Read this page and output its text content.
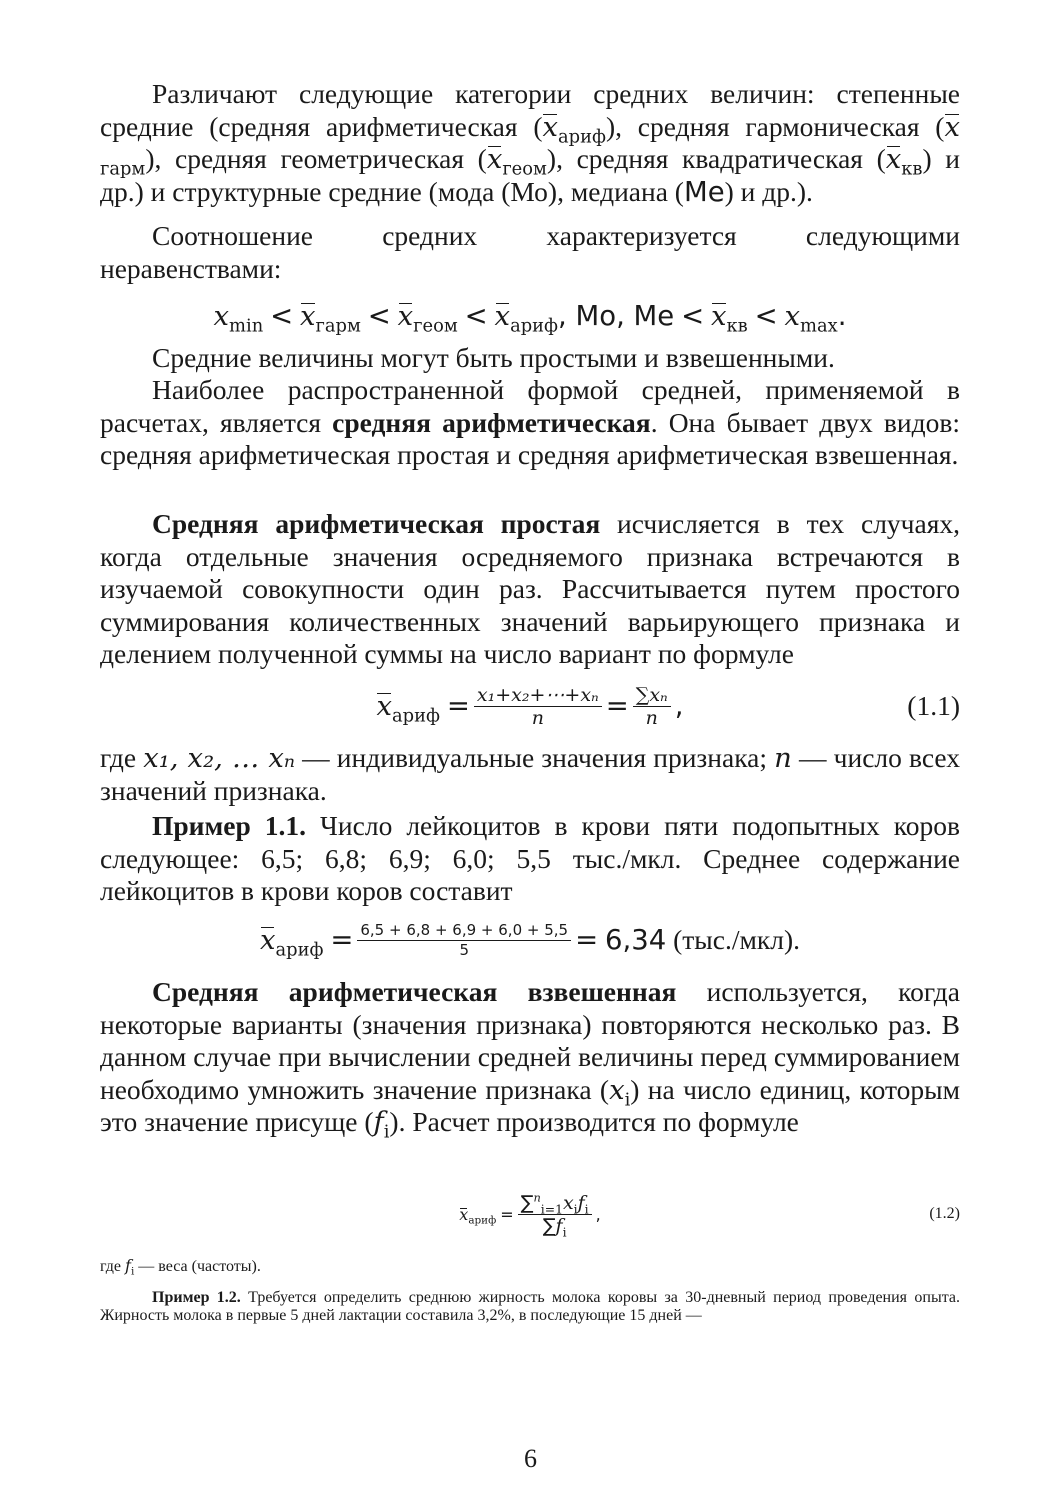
Различают следующие категории средних величин: степенные средние (средняя арифметическая $(x_{ариф})$, средняя гармоническая $(x_{гарм})$, средняя геометрическая $(x_{геом})$, средняя квадратическая $(x_{кв})$ и др.) и структурные средние (мода (Мо), медиана (Ме) и др.).

Соотношение средних характеризуется следующими неравенствами:

$x_{min}$
<
$x_{гарм}$
<
$x_{геом}$
<
$x_{ариф}$ , Mo, Me
<
$x_{кв}$
<
$x_{max}$ .

Средние величины могут быть простыми и взвешенными.

Наиболее распространенной формой средней, применяемой в расчетах, является средняя арифметическая. Она бывает двух видов: средняя арифметическая простая и средняя арифметическая взвешенная.

Средняя арифметическая простая исчисляется в тех случаях, когда отдельные значения осредняемого признака встречаются в изучаемой совокупности один раз. Рассчитывается путем простого суммирования количественных значений варьирующего признака и делением полученной суммы на число вариант по формуле

$x_{ариф}$
= $\frac{\text{x₁+x₂+⋯+xₙ}}{n} = \frac{\text{∑xₙ}}{n}$ ,	(1.1)

где x₁, x₂, … xₙ — индивидуальные значения признака; n — число всех значений признака.

Пример 1.1. Число лейкоцитов в крови пяти подопытных коров следующее: 6,5; 6,8; 6,9; 6,0; 5,5 тыс./мкл. Среднее содержание лейкоцитов в крови коров составит

$x_{ариф}$
= $\frac{6,5 + 6,8 + 6,9 + 6,0 + 5,5}{5}$ =
6,34
(тыс./мкл).

Средняя арифметическая взвешенная используется, когда некоторые варианты (значения признака) повторяются несколько раз. В данном случае при вычислении средней величины перед суммированием необходимо умножить значение признака $(x_i)$ на число единиц, которым это значение присуще $(f_i)$. Расчет производится по формуле

$x_{ариф}$
= $\frac{\sum^n_{i=1}x_if_i}{\sum f_i}$ ,	(1.2)

где $f_i$ — веса (частоты).

Пример 1.2. Требуется определить среднюю жирность молока коровы за 30-дневный период проведения опыта. Жирность молока в первые 5 дней лактации составила 3,2%, в последующие 15 дней —

6
